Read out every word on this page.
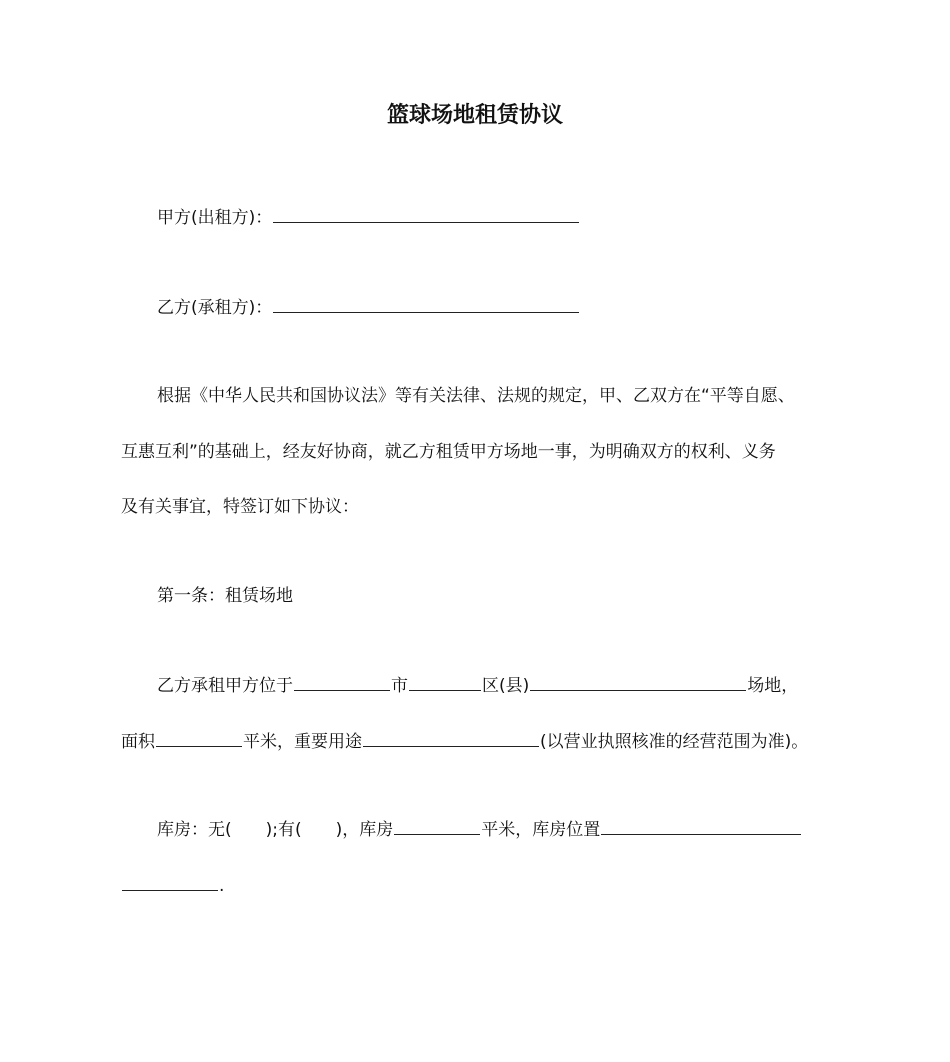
篮球场地租赁协议
甲方(出租方)：
乙方(承租方)：
根据《中华人民共和国协议法》等有关法律、法规的规定，甲、乙双方在“平等自愿、
互惠互利”的基础上，经友好协商，就乙方租赁甲方场地一事，为明确双方的权利、义务
及有关事宜，特签订如下协议：
第一条：租赁场地
乙方承租甲方位于	市	区(县)	场地，
面积	平米，重要用途	(以营业执照核准的经营范围为准)。
库房：无( );有( )，库房	平米，库房位置
.
